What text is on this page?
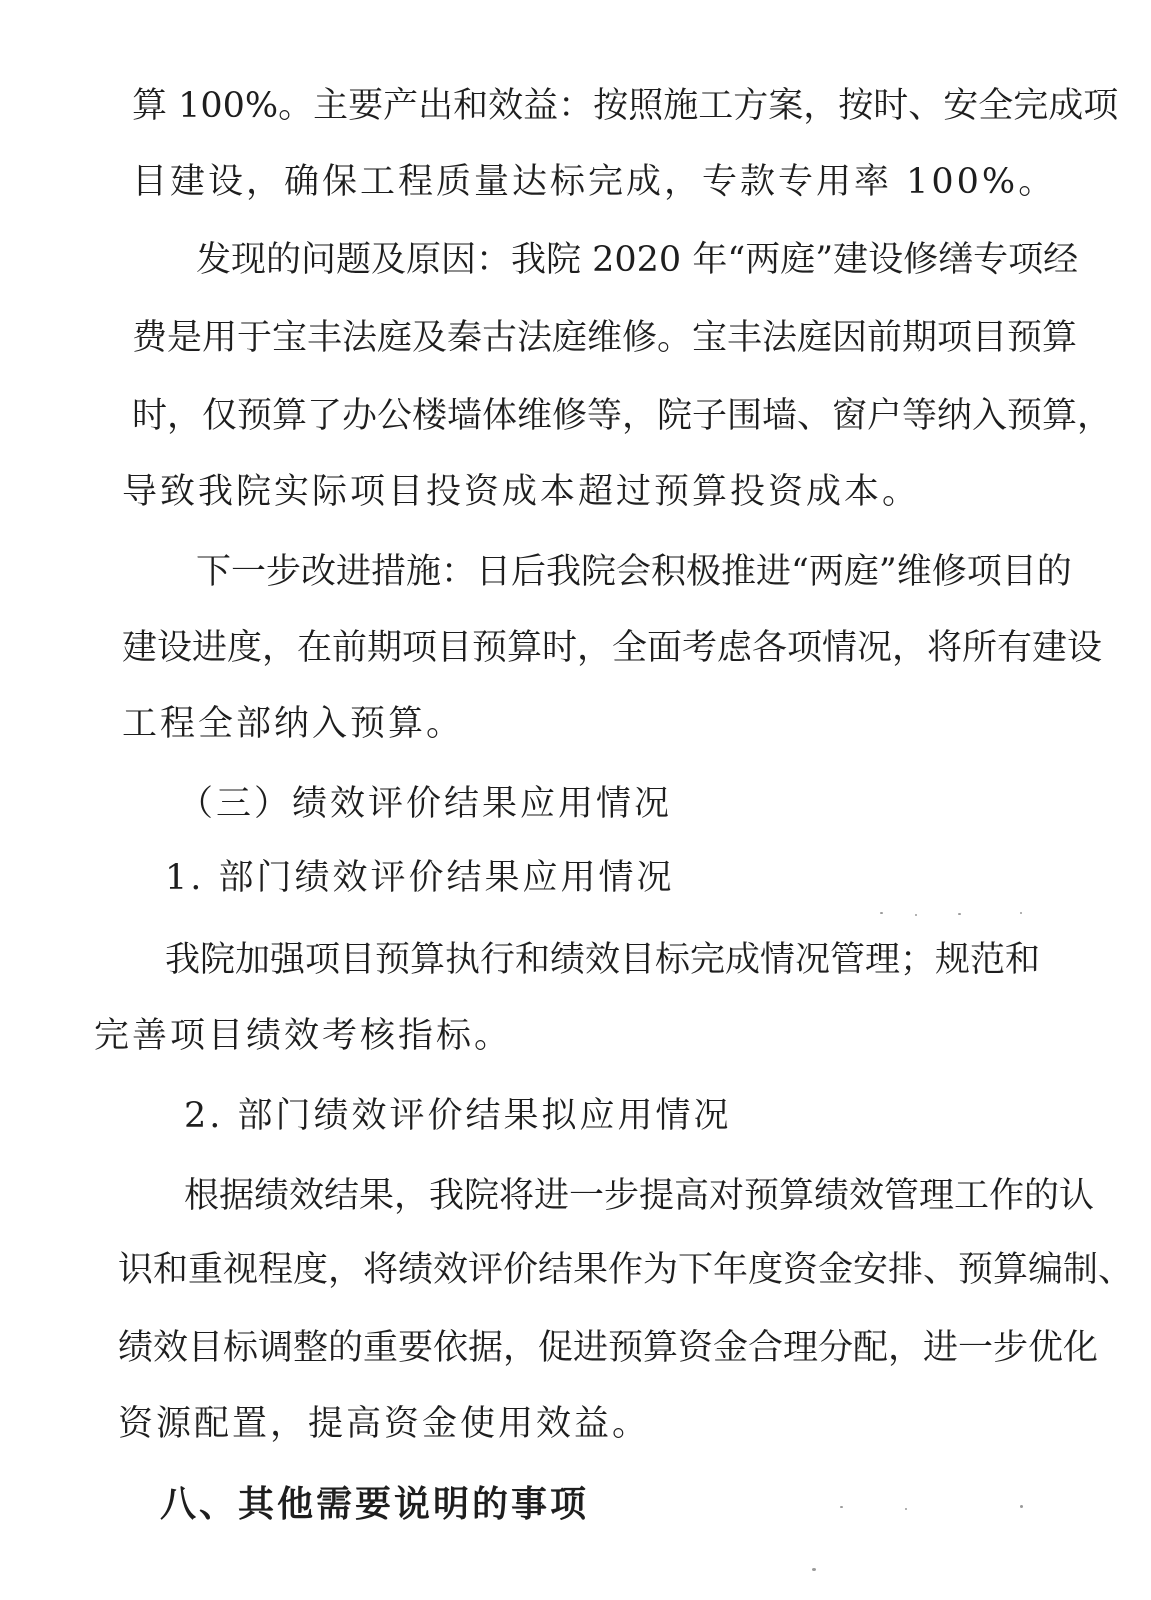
算 100%。主要产出和效益：按照施工方案，按时、安全完成项
目建设，确保工程质量达标完成，专款专用率 100%。
发现的问题及原因：我院 2020 年“两庭”建设修缮专项经
费是用于宝丰法庭及秦古法庭维修。宝丰法庭因前期项目预算
时，仅预算了办公楼墙体维修等，院子围墙、窗户等纳入预算，
导致我院实际项目投资成本超过预算投资成本。
下一步改进措施：日后我院会积极推进“两庭”维修项目的
建设进度，在前期项目预算时，全面考虑各项情况，将所有建设
工程全部纳入预算。
（三）绩效评价结果应用情况
1. 部门绩效评价结果应用情况
我院加强项目预算执行和绩效目标完成情况管理；规范和
完善项目绩效考核指标。
2. 部门绩效评价结果拟应用情况
根据绩效结果，我院将进一步提高对预算绩效管理工作的认
识和重视程度，将绩效评价结果作为下年度资金安排、预算编制、
绩效目标调整的重要依据，促进预算资金合理分配，进一步优化
资源配置，提高资金使用效益。
八、其他需要说明的事项
